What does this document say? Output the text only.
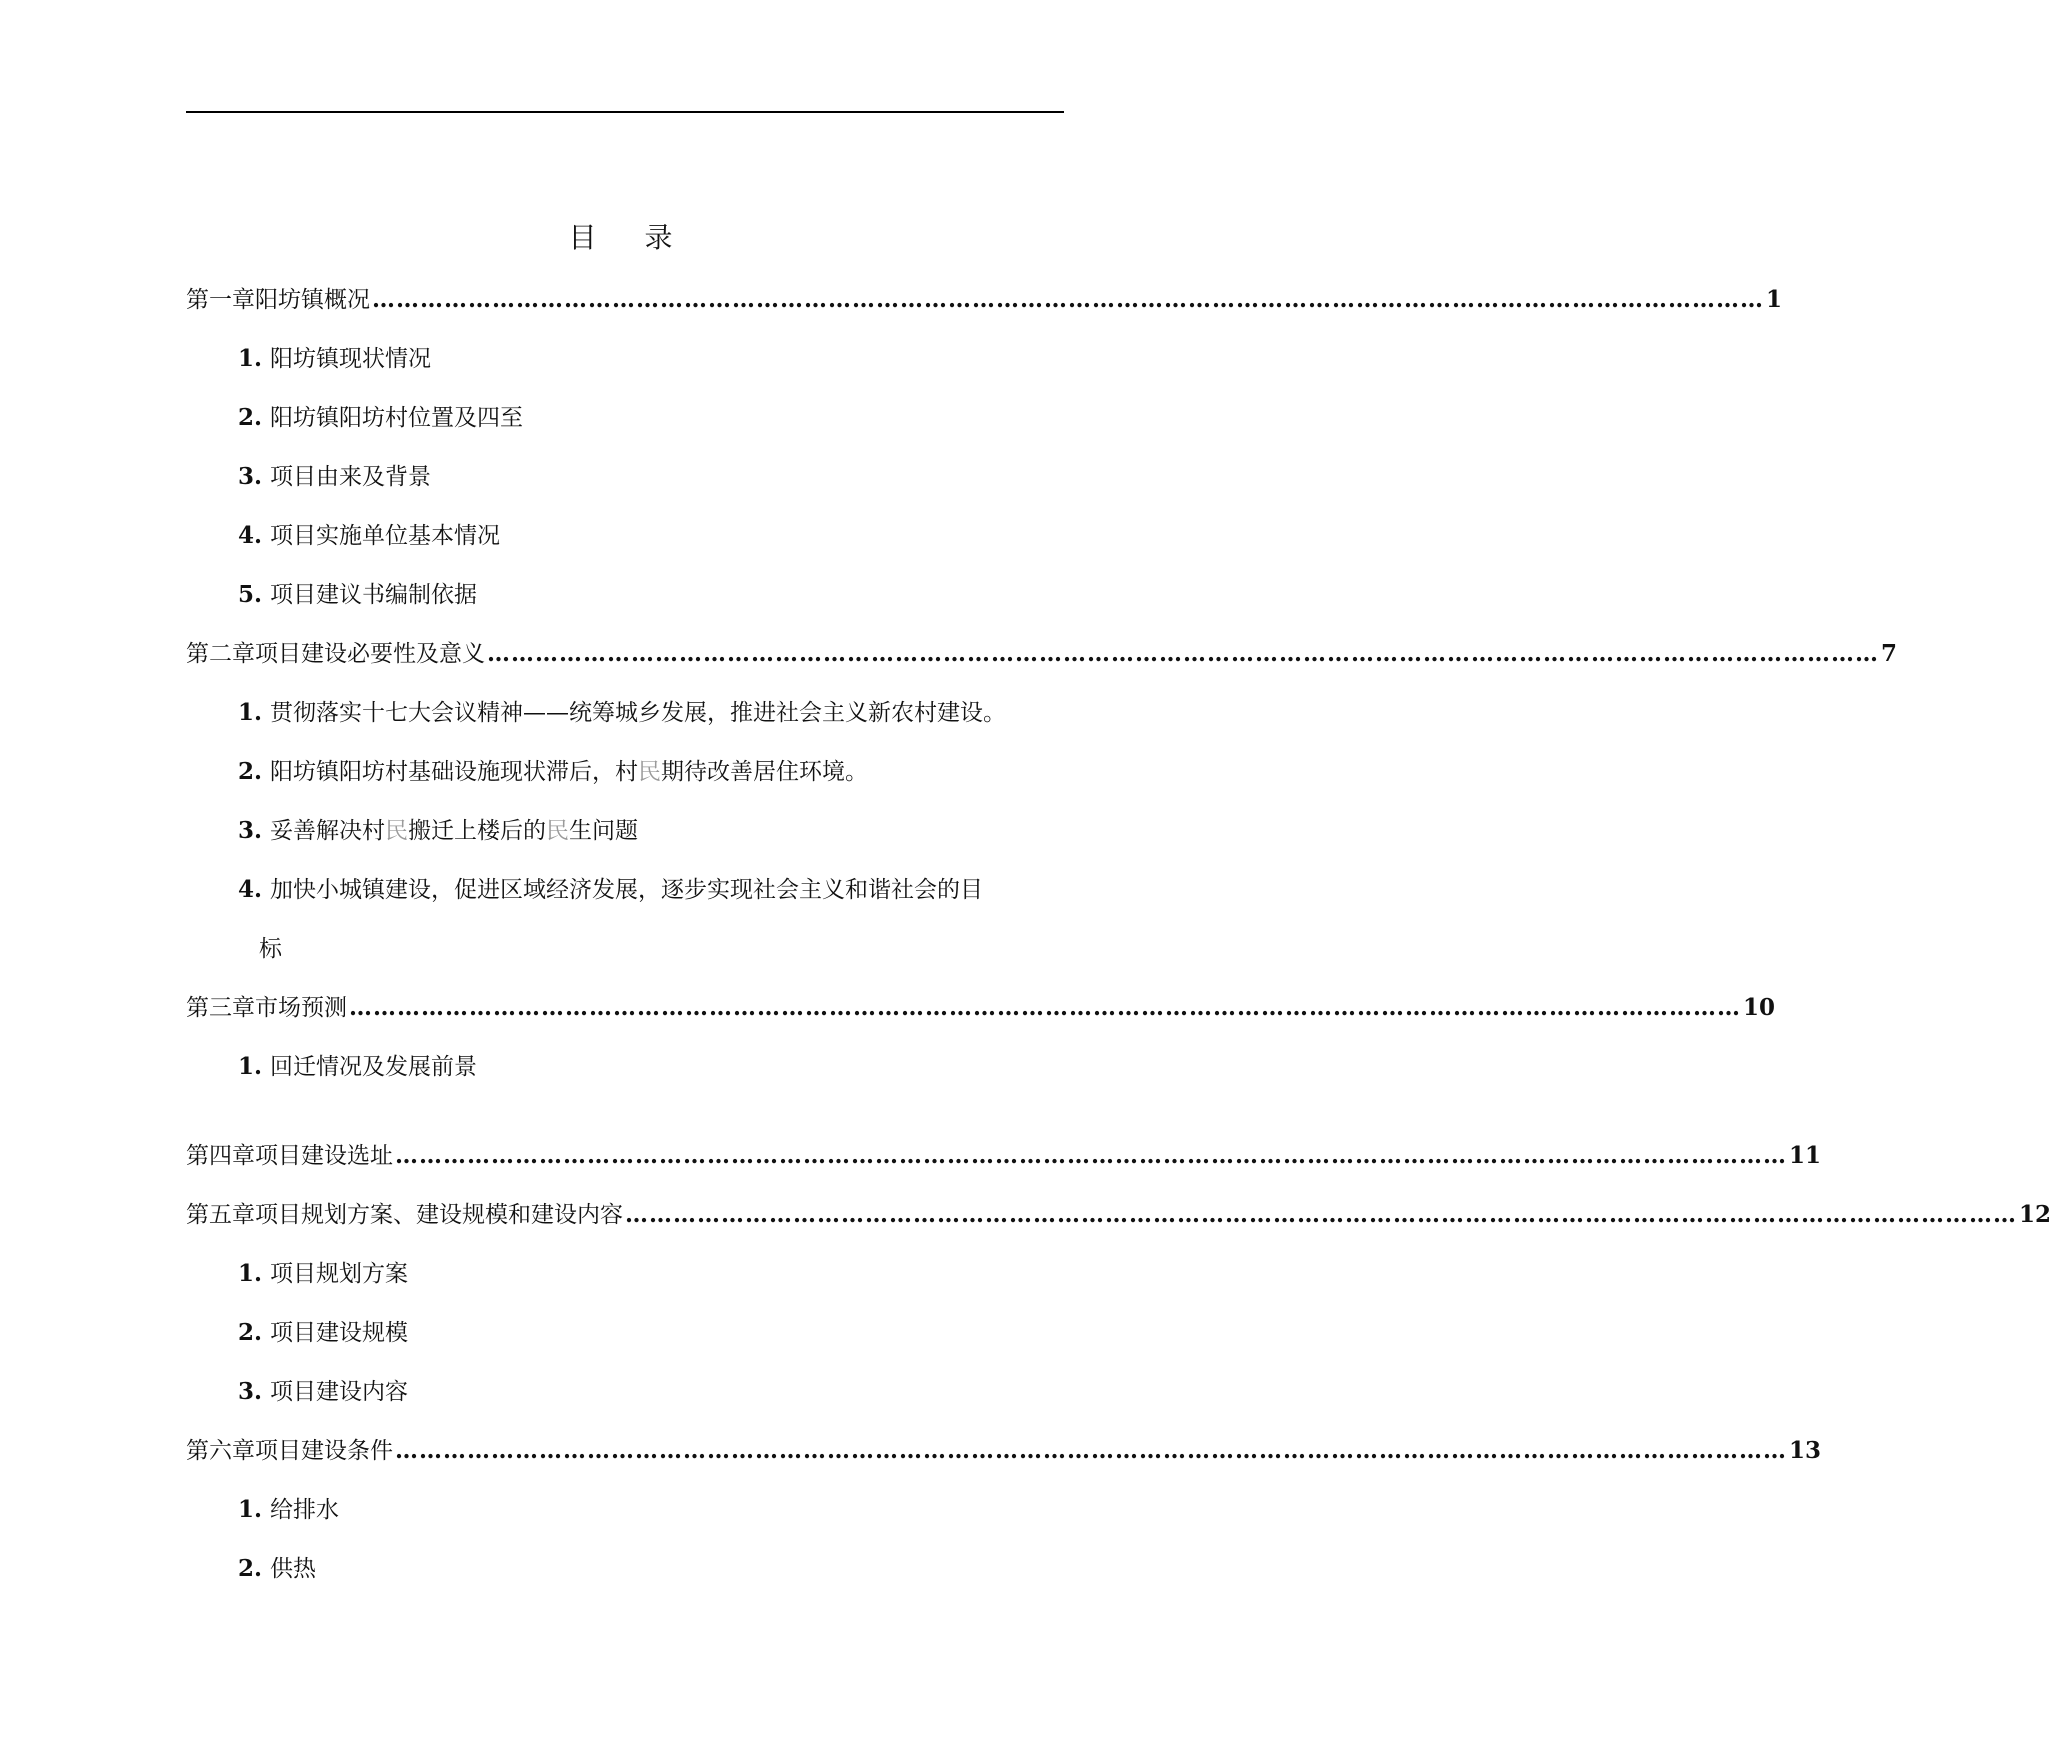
目 录
第一章 阳坊镇概况 ………………………………………………………………………………………………………………………………………………………… 1
1. 阳坊镇现状情况
2. 阳坊镇阳坊村位置及四至
3. 项目由来及背景
4. 项目实施单位基本情况
5. 项目建议书编制依据
第二章 项目建设必要性及意义 ………………………………………………………………………………………………………………………………………………………… 7
1. 贯彻落实十七大会议精神——统筹城乡发展，推进社会主义新农村建设。
2. 阳坊镇阳坊村基础设施现状滞后，村民期待改善居住环境。
3. 妥善解决村民搬迁上楼后的民生问题
4. 加快小城镇建设，促进区域经济发展，逐步实现社会主义和谐社会的目
标
第三章 市场预测 ………………………………………………………………………………………………………………………………………………………… 10
1. 回迁情况及发展前景
第四章 项目建设选址 ………………………………………………………………………………………………………………………………………………………… 11
第五章 项目规划方案、建设规模和建设内容 ………………………………………………………………………………………………………………………………………………………… 12
1. 项目规划方案
2. 项目建设规模
3. 项目建设内容
第六章 项目建设条件 ………………………………………………………………………………………………………………………………………………………… 13
1. 给排水
2. 供热
